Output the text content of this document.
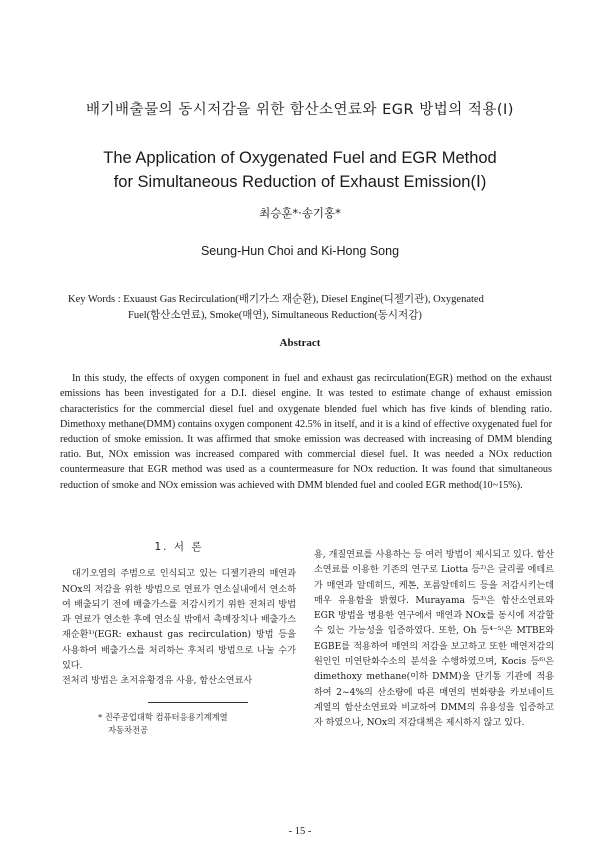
배기배출물의 동시저감을 위한 함산소연료와 EGR 방법의 적용(Ⅰ)
The Application of Oxygenated Fuel and EGR Method
for Simultaneous Reduction of Exhaust Emission(Ⅰ)
최승훈*·송기홍*
Seung-Hun Choi and Ki-Hong Song
Key Words : Exuaust Gas Recirculation(배기가스 재순환), Diesel Engine(디젤기관), Oxygenated
Fuel(함산소연료), Smoke(매연), Simultaneous Reduction(동시저감)
Abstract

In this study, the effects of oxygen component in fuel and exhaust gas recirculation(EGR) method on the exhaust emissions has been investigated for a D.I. diesel engine. It was tested to estimate change of exhaust emission characteristics for the commercial diesel fuel and oxygenate blended fuel which has five kinds of blending ratio. Dimethoxy methane(DMM) contains oxygen component 42.5% in itself, and it is a kind of effective oxygenated fuel for reduction of smoke emission. It was affirmed that smoke emission was decreased with increasing of DMM blending ratio. But, NOx emission was increased compared with commercial diesel fuel. It was needed a NOx reduction countermeasure that EGR method was used as a countermeasure for NOx reduction. It was found that simultaneous reduction of smoke and NOx emission was achieved with DMM blended fuel and cooled EGR method(10~15%).

1. 서 론

대기오염의 주범으로 인식되고 있는 디젤기관의 매연과 NOx의 저감을 위한 방법으로 연료가 연소실내에서 연소하여 배출되기 전에 배출가스를 저감시키기 위한 전처리 방법과 연료가 연소한 후에 연소실 밖에서 촉매장치나 배출가스 재순환¹⁾(EGR: exhaust gas recirculation) 방법 등을 사용하여 배출가스를 처리하는 후처리 방법으로 나눌 수가 있다.

전처리 방법은 초저유황경유 사용, 함산소연료사

용, 개질연료를 사용하는 등 여러 방법이 제시되고 있다. 함산소연료를 이용한 기존의 연구로 Liotta 등²⁾은 글리콜 에테르가 매연과 알데히드, 케톤, 포름알데히드 등을 저감시키는데 매우 유용함을 밝혔다. Murayama 등³⁾은 함산소연료와 EGR 방법을 병용한 연구에서 매연과 NOx를 동시에 저감할 수 있는 가능성을 입증하였다. 또한, Oh 등⁴⁻⁵⁾은 MTBE와 EGBE를 적용하여 매연의 저감을 보고하고 또한 매연저감의 원인인 미연탄화수소의 분석을 수행하였으며, Kocis 등⁶⁾은 dimethoxy methane(이하 DMM)을 단기통 기관에 적용하여 2~4%의 산소량에 따른 매연의 변화량을 카보네이트 계열의 함산소연료와 비교하여 DMM의 유용성을 입증하고자 하였으나, NOx의 저감대책은 제시하지 않고 있다.

* 진주공업대학 컴퓨터응용기계계열
자동차전공
- 15 -
